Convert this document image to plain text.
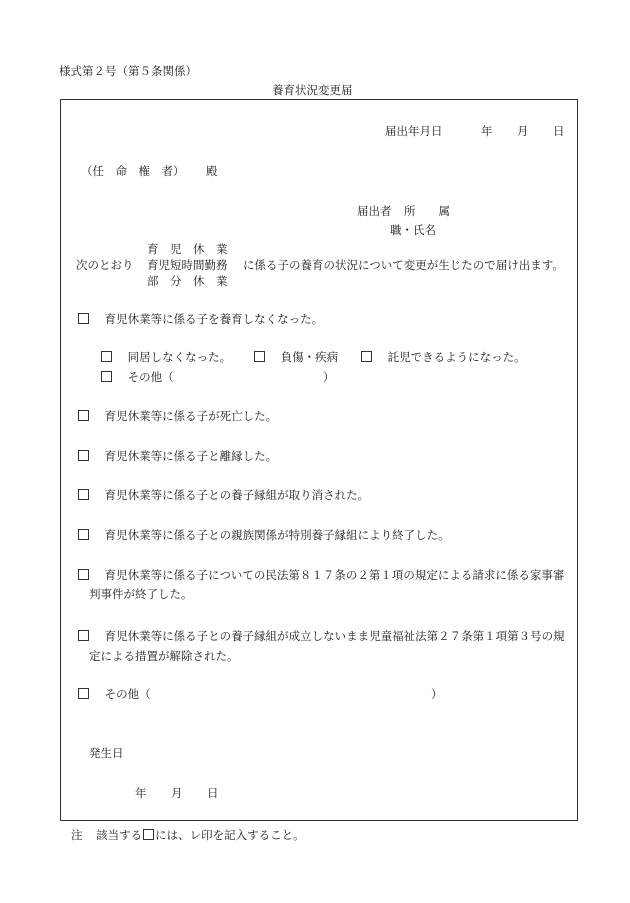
様式第２号（第５条関係）
養育状況変更届
届出年月日	年 月 日
（任　命　権　者） 殿
届出者 所　　属
職・氏名
育　児　休　業
次のとおり 育児短時間勤務 に係る子の養育の状況について変更が生じたので届け出ます。
部　分　休　業
育児休業等に係る子を養育しなくなった。
同居しなくなった。	負傷・疾病	託児できるようになった。
その他（	）
育児休業等に係る子が死亡した。
育児休業等に係る子と離縁した。
育児休業等に係る子との養子縁組が取り消された。
育児休業等に係る子との親族関係が特別養子縁組により終了した。
育児休業等に係る子についての民法第８１７条の２第１項の規定による請求に係る家事審
判事件が終了した。
育児休業等に係る子との養子縁組が成立しないまま児童福祉法第２７条第１項第３号の規
定による措置が解除された。
その他（	）
発生日
年 月 日
注 該当する には、レ印を記入すること。
